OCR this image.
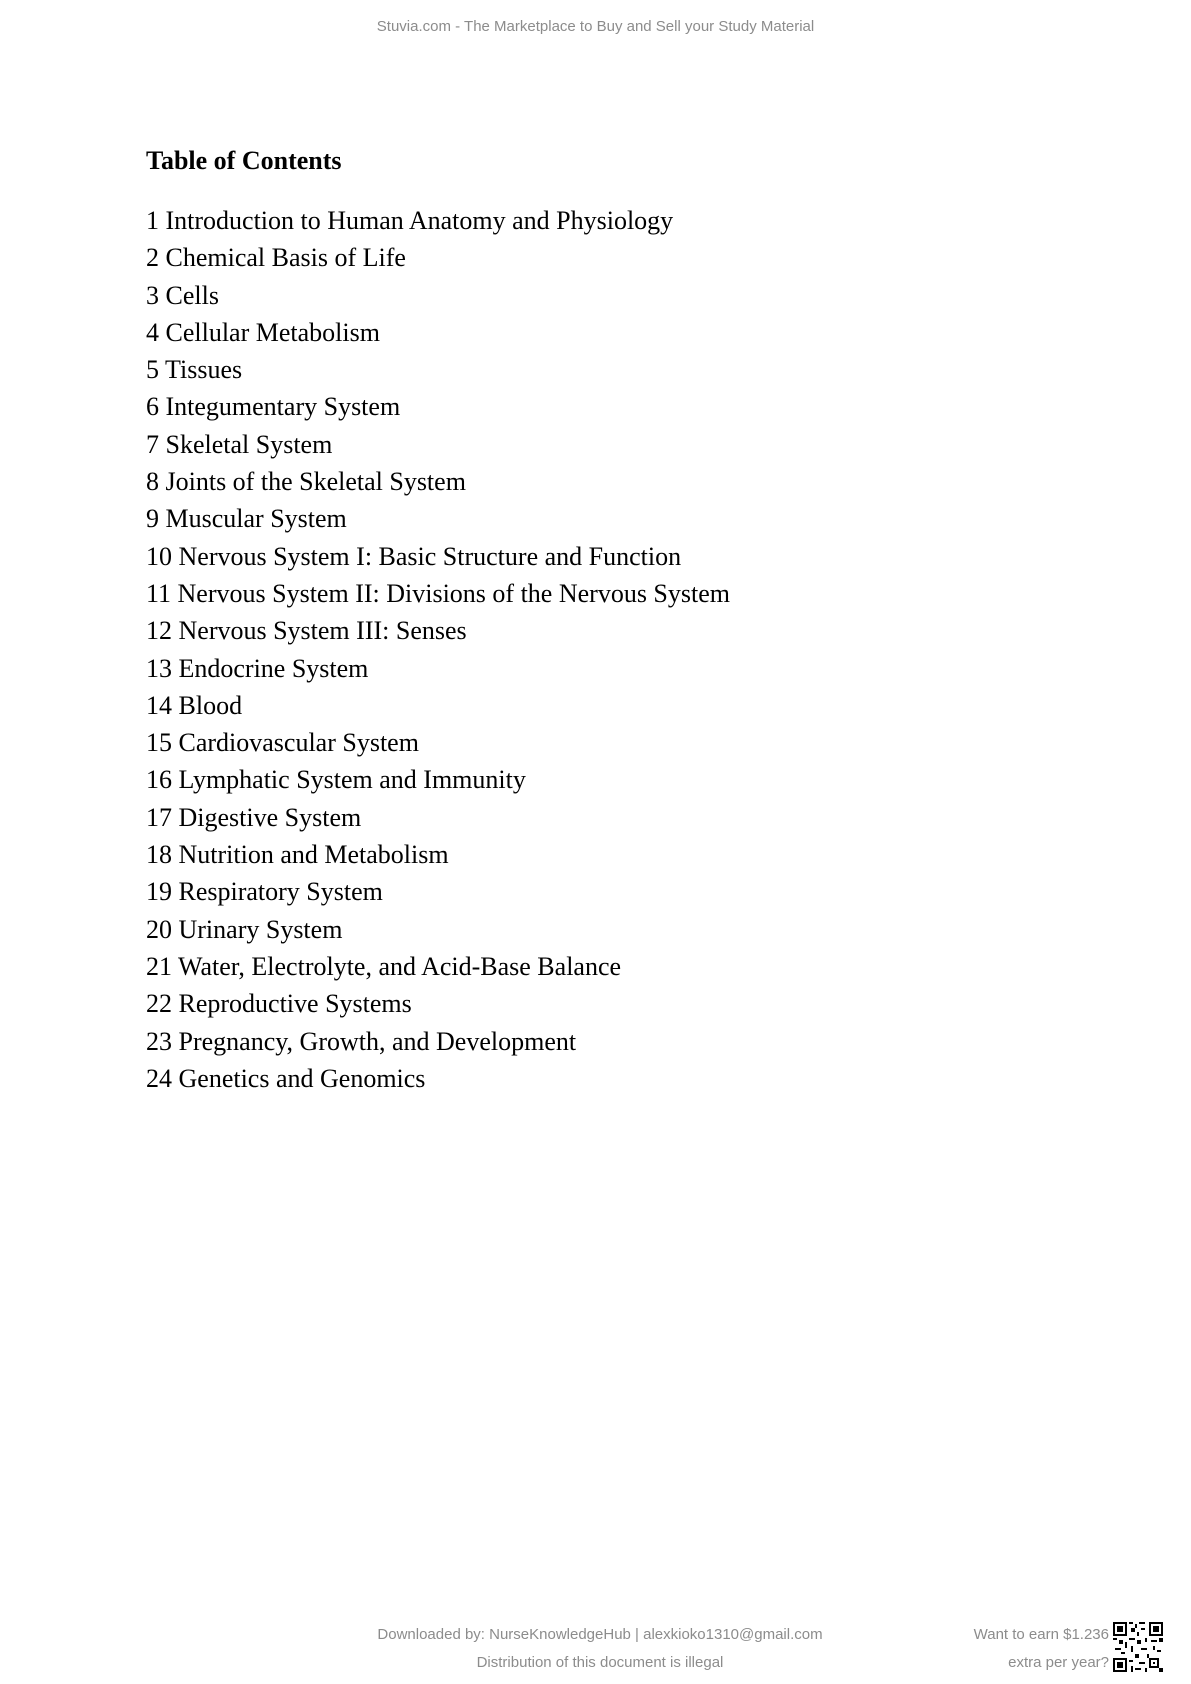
Stuvia.com - The Marketplace to Buy and Sell your Study Material
Table of Contents
1 Introduction to Human Anatomy and Physiology
2 Chemical Basis of Life
3 Cells
4 Cellular Metabolism
5 Tissues
6 Integumentary System
7 Skeletal System
8 Joints of the Skeletal System
9 Muscular System
10 Nervous System I: Basic Structure and Function
11 Nervous System II: Divisions of the Nervous System
12 Nervous System III: Senses
13 Endocrine System
14 Blood
15 Cardiovascular System
16 Lymphatic System and Immunity
17 Digestive System
18 Nutrition and Metabolism
19 Respiratory System
20 Urinary System
21 Water, Electrolyte, and Acid-Base Balance
22 Reproductive Systems
23 Pregnancy, Growth, and Development
24 Genetics and Genomics
Downloaded by: NurseKnowledgeHub | alexkioko1310@gmail.com
Distribution of this document is illegal
Want to earn $1.236
extra per year?
